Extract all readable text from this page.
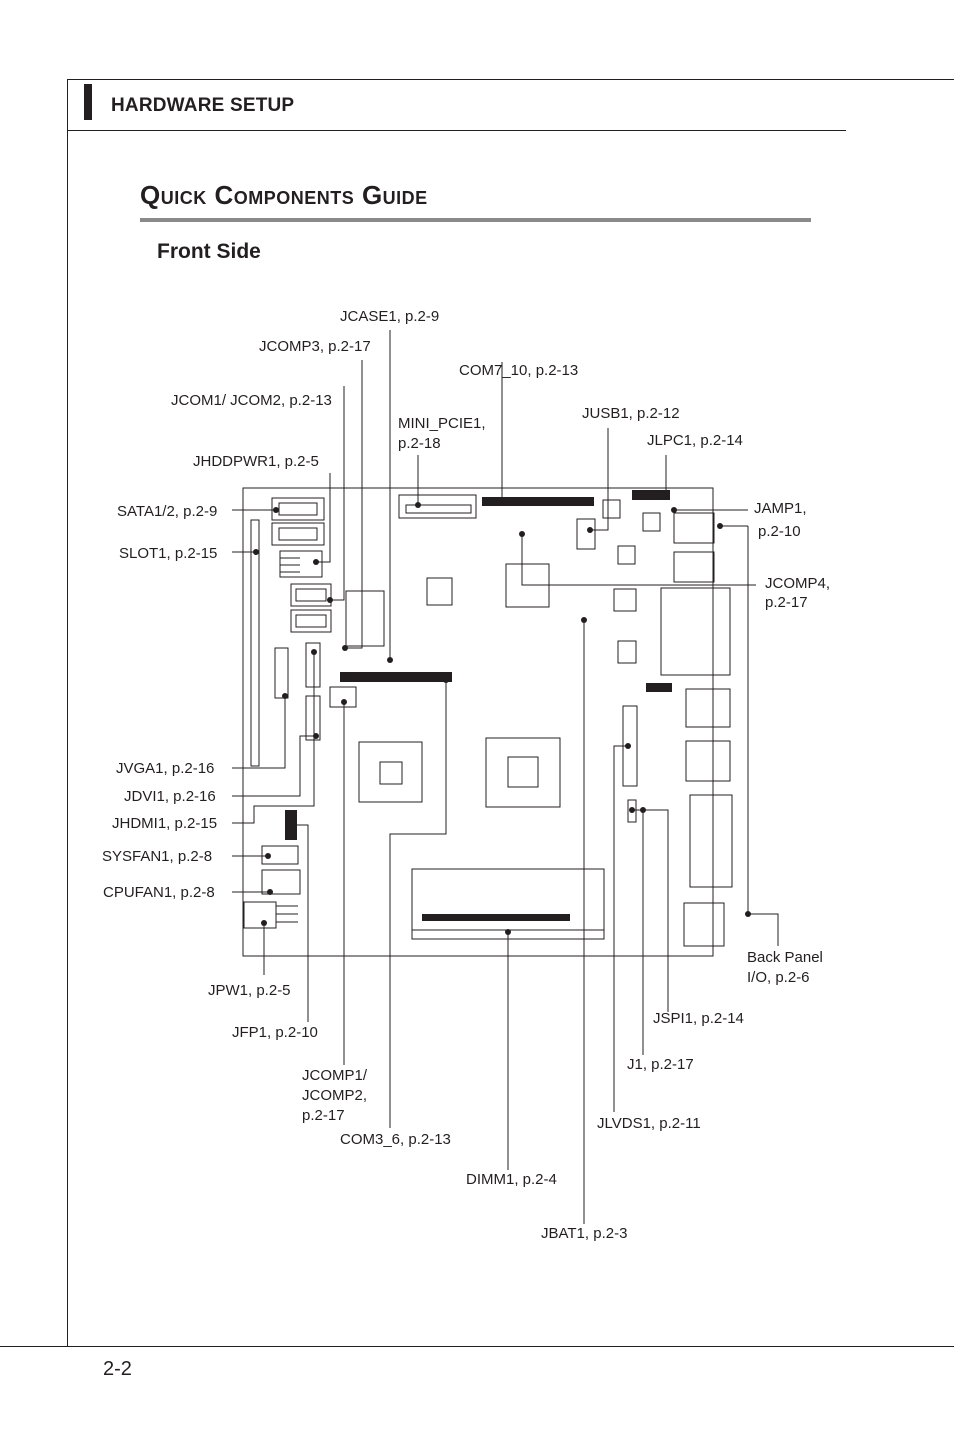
HARDWARE SETUP
Quick Components Guide
Front Side
JCASE1, p.2-9
JCOMP3, p.2-17
COM7_10, p.2-13
JCOM1/ JCOM2, p.2-13
MINI_PCIE1,
p.2-18
JUSB1, p.2-12
JLPC1, p.2-14
JHDDPWR1, p.2-5
SATA1/2, p.2-9	JAMP1,
p.2-10
SLOT1, p.2-15
JCOMP4,
p.2-17
JVGA1, p.2-16
JDVI1, p.2-16
JHDMI1, p.2-15
SYSFAN1, p.2-8
CPUFAN1, p.2-8
Back Panel
I/O, p.2-6
JPW1, p.2-5
JSPI1, p.2-14
JFP1, p.2-10
J1, p.2-17
JCOMP1/
JCOMP2,
p.2-17	JLVDS1, p.2-11
COM3_6, p.2-13
DIMM1, p.2-4
JBAT1, p.2-3
2-2
